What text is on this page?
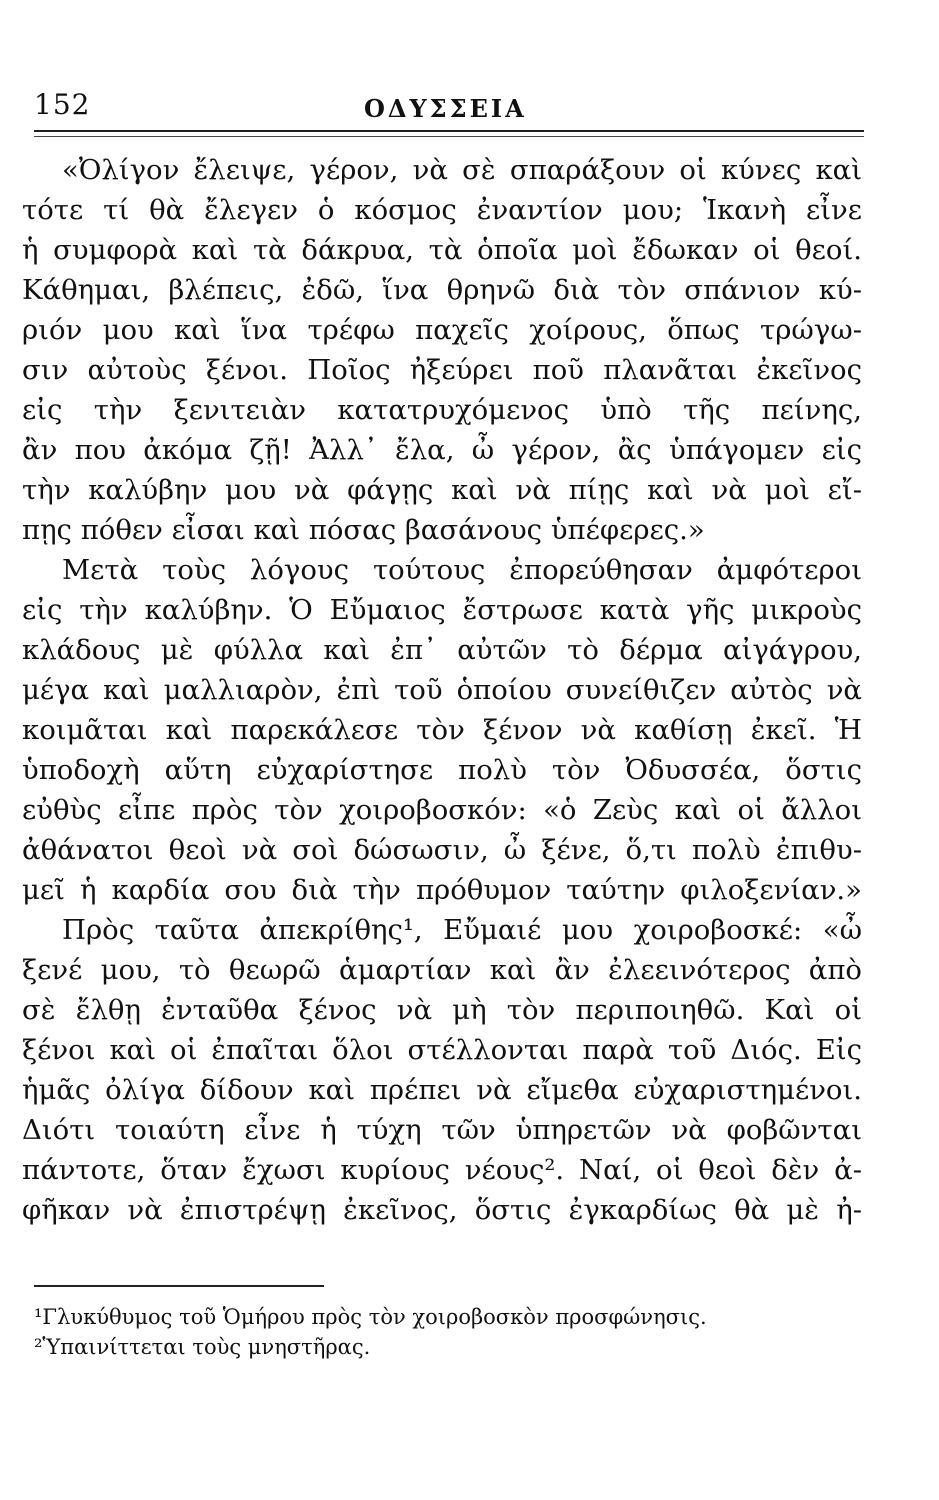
152	ΟΔΥΣΣΕΙΑ
«Ὀλίγον ἔλειψε, γέρον, νὰ σὲ σπαράξουν οἱ κύνες καὶ
τότε τί θὰ ἔλεγεν ὁ κόσμος ἐναντίον μου; Ἱκανὴ εἶνε
ἡ συμφορὰ καὶ τὰ δάκρυα, τὰ ὁποῖα μοὶ ἔδωκαν οἱ θεοί.
Κάθημαι, βλέπεις, ἐδῶ, ἵνα θρηνῶ διὰ τὸν σπάνιον κύ-
ριόν μου καὶ ἵνα τρέφω παχεῖς χοίρους, ὅπως τρώγω-
σιν αὐτοὺς ξένοι. Ποῖος ἠξεύρει ποῦ πλανᾶται ἐκεῖνος
εἰς τὴν ξενιτειὰν κατατρυχόμενος ὑπὸ τῆς πείνης,
ἂν που ἀκόμα ζῇ! Ἀλλ᾽ ἔλα, ὦ γέρον, ἂς ὑπάγομεν εἰς
τὴν καλύβην μου νὰ φάγῃς καὶ νὰ πίῃς καὶ νὰ μοὶ εἴ-
πῃς πόθεν εἶσαι καὶ πόσας βασάνους ὑπέφερες.»
Μετὰ τοὺς λόγους τούτους ἐπορεύθησαν ἀμφότεροι
εἰς τὴν καλύβην. Ὁ Εὔμαιος ἔστρωσε κατὰ γῆς μικροὺς
κλάδους μὲ φύλλα καὶ ἐπ᾽ αὐτῶν τὸ δέρμα αἰγάγρου,
μέγα καὶ μαλλιαρὸν, ἐπὶ τοῦ ὁποίου συνείθιζεν αὐτὸς νὰ
κοιμᾶται καὶ παρεκάλεσε τὸν ξένον νὰ καθίσῃ ἐκεῖ. Ἡ
ὑποδοχὴ αὕτη εὐχαρίστησε πολὺ τὸν Ὀδυσσέα, ὅστις
εὐθὺς εἶπε πρὸς τὸν χοιροβοσκόν: «ὁ Ζεὺς καὶ οἱ ἄλλοι
ἀθάνατοι θεοὶ νὰ σοὶ δώσωσιν, ὦ ξένε, ὅ,τι πολὺ ἐπιθυ-
μεῖ ἡ καρδία σου διὰ τὴν πρόθυμον ταύτην φιλοξενίαν.»
Πρὸς ταῦτα ἀπεκρίθης¹, Εὔμαιέ μου χοιροβοσκέ: «ὦ
ξενέ μου, τὸ θεωρῶ ἁμαρτίαν καὶ ἂν ἐλεεινότερος ἀπὸ
σὲ ἔλθῃ ἐνταῦθα ξένος νὰ μὴ τὸν περιποιηθῶ. Καὶ οἱ
ξένοι καὶ οἱ ἐπαῖται ὅλοι στέλλονται παρὰ τοῦ Διός. Εἰς
ἡμᾶς ὀλίγα δίδουν καὶ πρέπει νὰ εἴμεθα εὐχαριστημένοι.
Διότι τοιαύτη εἶνε ἡ τύχη τῶν ὑπηρετῶν νὰ φοβῶνται
πάντοτε, ὅταν ἔχωσι κυρίους νέους². Ναί, οἱ θεοὶ δὲν ἀ-
φῆκαν νὰ ἐπιστρέψῃ ἐκεῖνος, ὅστις ἐγκαρδίως θὰ μὲ ἠ-
¹Γλυκύθυμος τοῦ Ὁμήρου πρὸς τὸν χοιροβοσκὸν προσφώνησις.
²Ὑπαινίττεται τοὺς μνηστῆρας.
